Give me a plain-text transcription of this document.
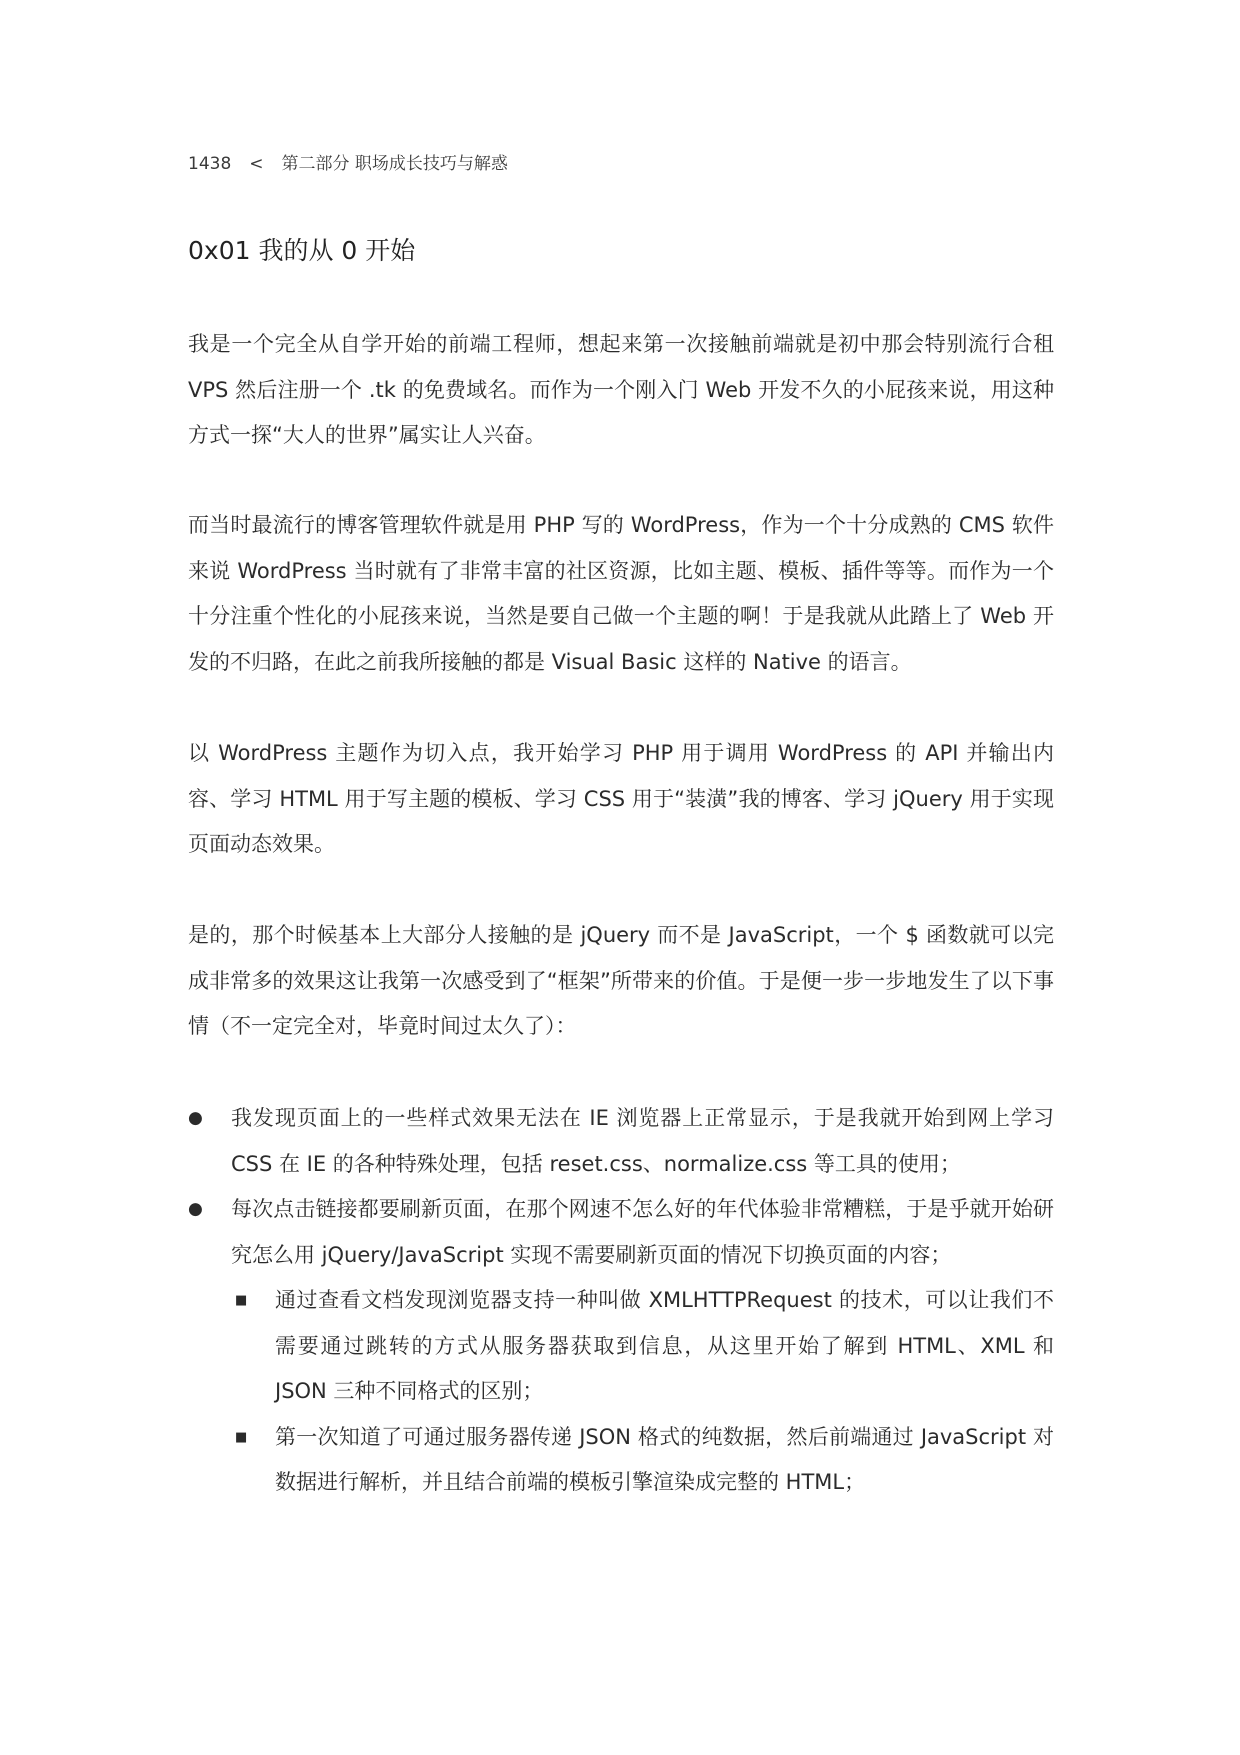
1438 < 第二部分 职场成长技巧与解惑
0x01 我的从 0 开始

我是一个完全从自学开始的前端工程师，想起来第一次接触前端就是初中那会特别流行合租 VPS 然后注册一个 .tk 的免费域名。而作为一个刚入门 Web 开发不久的小屁孩来说，用这种方式一探“大人的世界”属实让人兴奋。

而当时最流行的博客管理软件就是用 PHP 写的 WordPress，作为一个十分成熟的 CMS 软件来说 WordPress 当时就有了非常丰富的社区资源，比如主题、模板、插件等等。而作为一个十分注重个性化的小屁孩来说，当然是要自己做一个主题的啊！于是我就从此踏上了 Web 开发的不归路，在此之前我所接触的都是 Visual Basic 这样的 Native 的语言。

以 WordPress 主题作为切入点，我开始学习 PHP 用于调用 WordPress 的 API 并输出内容、学习 HTML 用于写主题的模板、学习 CSS 用于“装潢”我的博客、学习 jQuery 用于实现页面动态效果。

是的，那个时候基本上大部分人接触的是 jQuery 而不是 JavaScript，一个 $ 函数就可以完成非常多的效果这让我第一次感受到了“框架”所带来的价值。于是便一步一步地发生了以下事情（不一定完全对，毕竟时间过太久了）：

●	我发现页面上的一些样式效果无法在 IE 浏览器上正常显示，于是我就开始到网上学习 CSS 在 IE 的各种特殊处理，包括 reset.css、normalize.css 等工具的使用；
●	每次点击链接都要刷新页面，在那个网速不怎么好的年代体验非常糟糕，于是乎就开始研究怎么用 jQuery/JavaScript 实现不需要刷新页面的情况下切换页面的内容；
■ 通过查看文档发现浏览器支持一种叫做 XMLHTTPRequest 的技术，可以让我们不需要通过跳转的方式从服务器获取到信息，从这里开始了解到 HTML、XML 和 JSON 三种不同格式的区别；
■ 第一次知道了可通过服务器传递 JSON 格式的纯数据，然后前端通过 JavaScript 对数据进行解析，并且结合前端的模板引擎渲染成完整的 HTML；
